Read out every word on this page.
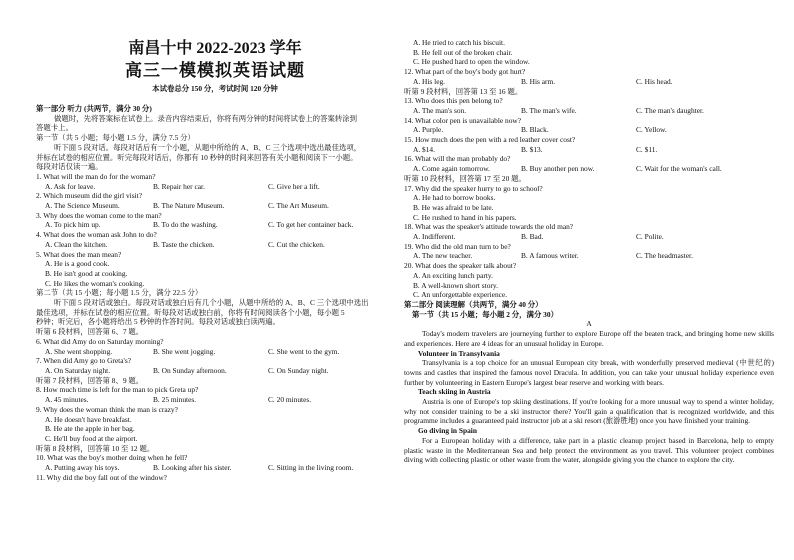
南昌十中 2022-2023 学年
高三一模模拟英语试题
本试卷总分 150 分，考试时间 120 分钟
第一部分 听力 (共两节，满分 30 分)
做题时，先将答案标在试卷上。录音内容结束后，你将有两分钟的时间将试卷上的答案转涂到
答题卡上。
第一节（共 5 小题；每小题 1.5 分，满分 7.5 分）
听下面 5 段对话。每段对话后有一个小题，从题中所给的 A、B、C 三个选项中选出最佳选项，
并标在试卷的相应位置。听完每段对话后，你都有 10 秒钟的时间来回答有关小题和阅读下一小题。
每段对话仅读一遍。
1. What will the man do for the woman?
A. Ask for leave.	B. Repair her car.	C. Give her a lift.
2. Which museum did the girl visit?
A. The Science Museum.	B. The Nature Museum.	C. The Art Museum.
3. Why does the woman come to the man?
A. To pick him up.	B. To do the washing.	C. To get her container back.
4. What does the woman ask John to do?
A. Clean the kitchen.	B. Taste the chicken.	C. Cut the chicken.
5. What does the man mean?
A. He is a good cook.
B. He isn't good at cooking.
C. He likes the woman's cooking.
第二节（共 15 小题；每小题 1.5 分，满分 22.5 分）
听下面 5 段对话或独白。每段对话或独白后有几个小题，从题中所给的 A、B、C 三个选项中选出
最佳选项，并标在试卷的相应位置。听每段对话或独白前，你将有时间阅读各个小题，每小题 5
秒钟；听完后，各小题将给出 5 秒钟的作答时间。每段对话或独白读两遍。
听第 6 段材料，回答第 6、7 题。
6. What did Amy do on Saturday morning?
A. She went shopping.	B. She went jogging.	C. She went to the gym.
7. When did Amy go to Greta's?
A. On Saturday night.	B. On Sunday afternoon.	C. On Sunday night.
听第 7 段材料，回答第 8、9 题。
8. How much time is left for the man to pick Greta up?
A. 45 minutes.	B. 25 minutes.	C. 20 minutes.
9. Why does the woman think the man is crazy?
A. He doesn't have breakfast.
B. He ate the apple in her bag.
C. He'll buy food at the airport.
听第 8 段材料，回答第 10 至 12 题。
10. What was the boy's mother doing when he fell?
A. Putting away his toys.	B. Looking after his sister.	C. Sitting in the living room.
11. Why did the boy fall out of the window?
A. He tried to catch his biscuit.
B. He fell out of the broken chair.
C. He pushed hard to open the window.
12. What part of the boy's body got hurt?
A. His leg.	B. His arm.	C. His head.
听第 9 段材料，回答第 13 至 16 题。
13. Who does this pen belong to?
A. The man's son.	B. The man's wife.	C. The man's daughter.
14. What color pen is unavailable now?
A. Purple.	B. Black.	C. Yellow.
15. How much does the pen with a red leather cover cost?
A. $14.	B. $13.	C. $11.
16. What will the man probably do?
A. Come again tomorrow.	B. Buy another pen now.	C. Wait for the woman's call.
听第 10 段材料，回答第 17 至 20 题。
17. Why did the speaker hurry to go to school?
A. He had to borrow books.
B. He was afraid to be late.
C. He rushed to hand in his papers.
18. What was the speaker's attitude towards the old man?
A. Indifferent.	B. Bad.	C. Polite.
19. Who did the old man turn to be?
A. The new teacher.	B. A famous writer.	C. The headmaster.
20. What does the speaker talk about?
A. An exciting lunch party.
B. A well-known short story.
C. An unforgettable experience.
第二部分 阅读理解（共两节，满分 40 分）
第一节（共 15 小题；每小题 2 分，满分 30）
A
Today's modern travelers are journeying further to explore Europe off the beaten track, and bringing home new skills and experiences. Here are 4 ideas for an unusual holiday in Europe.
Volunteer in Transylvania
Transylvania is a top choice for an unusual European city break, with wonderfully preserved medieval (中世纪的) towns and castles that inspired the famous novel Dracula. In addition, you can take your unusual holiday experience even further by volunteering in Eastern Europe's largest bear reserve and working with bears.
Teach skiing in Austria
Austria is one of Europe's top skiing destinations. If you're looking for a more unusual way to spend a winter holiday, why not consider training to be a ski instructor there? You'll gain a qualification that is recognized worldwide, and this programme includes a guaranteed paid instructor job at a ski resort (旅游胜地) once you have finished your training.
Go diving in Spain
For a European holiday with a difference, take part in a plastic cleanup project based in Barcelona, help to empty plastic waste in the Mediterranean Sea and help protect the environment as you travel. This volunteer project combines diving with collecting plastic or other waste from the water, alongside giving you the chance to explore the city.
